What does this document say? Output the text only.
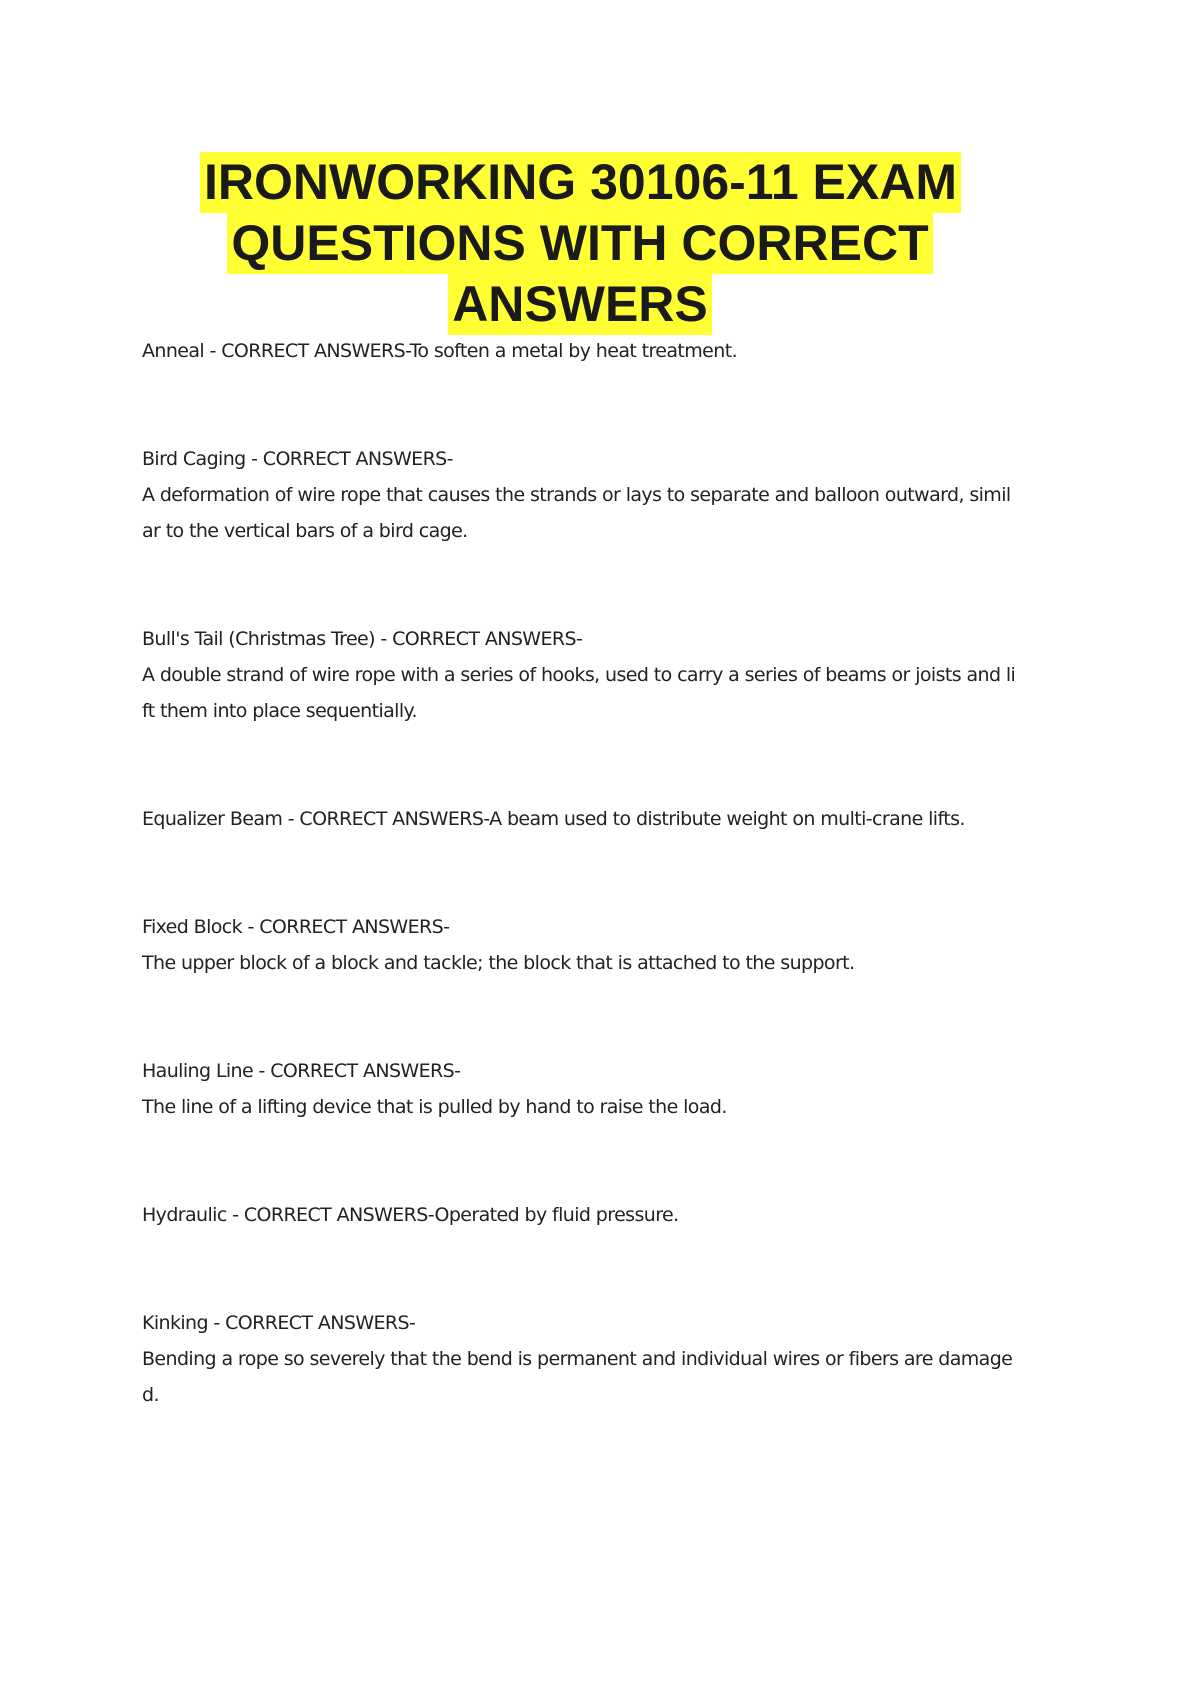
IRONWORKING 30106-11 EXAM
QUESTIONS WITH CORRECT
ANSWERS

Anneal - CORRECT ANSWERS-To soften a metal by heat treatment.

Bird Caging - CORRECT ANSWERS-

A deformation of wire rope that causes the strands or lays to separate and balloon outward, simil

ar to the vertical bars of a bird cage.

Bull's Tail (Christmas Tree) - CORRECT ANSWERS-

A double strand of wire rope with a series of hooks, used to carry a series of beams or joists and li

ft them into place sequentially.

Equalizer Beam - CORRECT ANSWERS-A beam used to distribute weight on multi-crane lifts.

Fixed Block - CORRECT ANSWERS-

The upper block of a block and tackle; the block that is attached to the support.

Hauling Line - CORRECT ANSWERS-

The line of a lifting device that is pulled by hand to raise the load.

Hydraulic - CORRECT ANSWERS-Operated by fluid pressure.

Kinking - CORRECT ANSWERS-

Bending a rope so severely that the bend is permanent and individual wires or fibers are damage

d.
